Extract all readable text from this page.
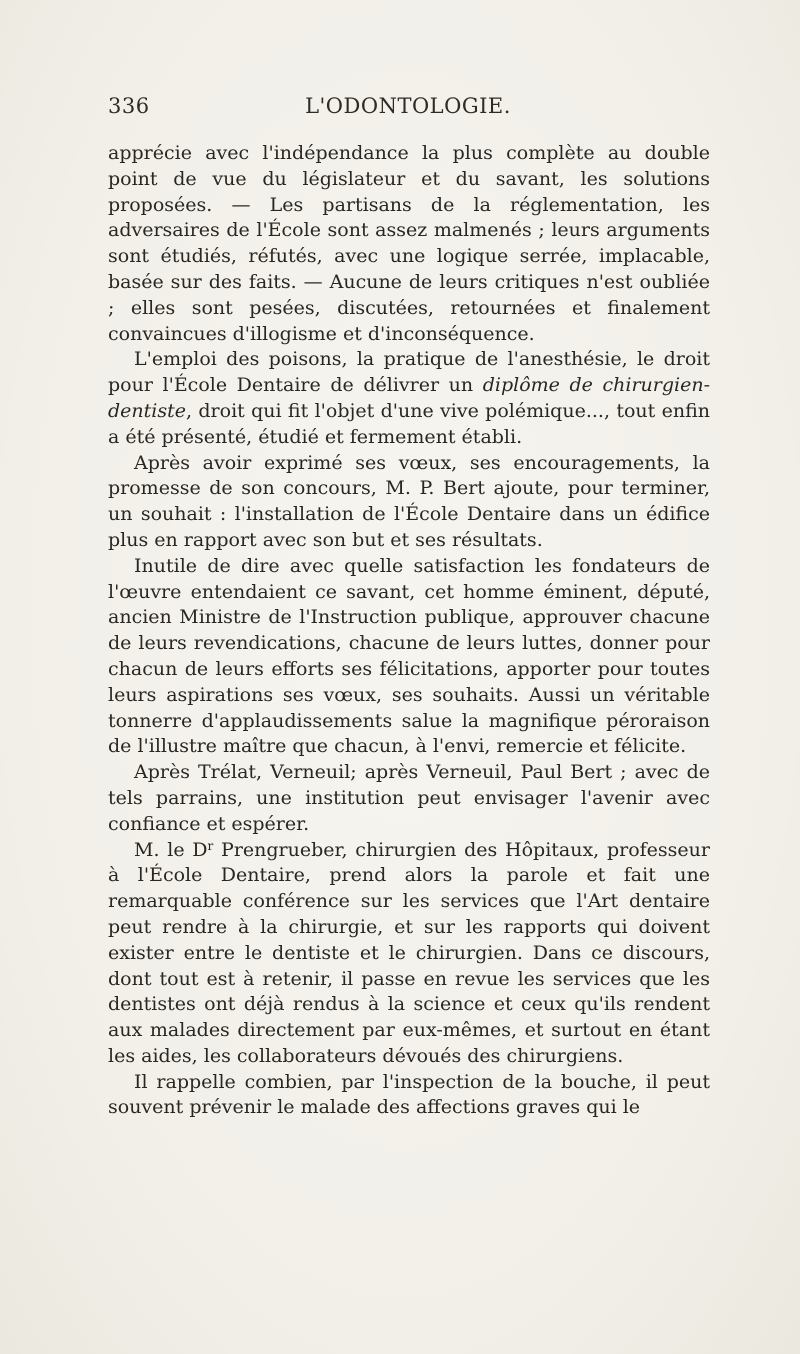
336	L'ODONTOLOGIE.

apprécie avec l'indépendance la plus complète au double point de vue du législateur et du savant, les solutions proposées. — Les partisans de la réglementation, les adversaires de l'École sont assez malmenés ; leurs arguments sont étudiés, réfutés, avec une logique serrée, implacable, basée sur des faits. — Aucune de leurs critiques n'est oubliée ; elles sont pesées, discutées, retournées et finalement convaincues d'illogisme et d'inconséquence.

L'emploi des poisons, la pratique de l'anesthésie, le droit pour l'École Dentaire de délivrer un diplôme de chirurgien-dentiste, droit qui fit l'objet d'une vive polémique..., tout enfin a été présenté, étudié et fermement établi.

Après avoir exprimé ses vœux, ses encouragements, la promesse de son concours, M. P. Bert ajoute, pour terminer, un souhait : l'installation de l'École Dentaire dans un édifice plus en rapport avec son but et ses résultats.

Inutile de dire avec quelle satisfaction les fondateurs de l'œuvre entendaient ce savant, cet homme éminent, député, ancien Ministre de l'Instruction publique, approuver chacune de leurs revendications, chacune de leurs luttes, donner pour chacun de leurs efforts ses félicitations, apporter pour toutes leurs aspirations ses vœux, ses souhaits. Aussi un véritable tonnerre d'applaudissements salue la magnifique péroraison de l'illustre maître que chacun, à l'envi, remercie et félicite.

Après Trélat, Verneuil; après Verneuil, Paul Bert ; avec de tels parrains, une institution peut envisager l'avenir avec confiance et espérer.

M. le $D^r$ Prengrueber, chirurgien des Hôpitaux, professeur à l'École Dentaire, prend alors la parole et fait une remarquable conférence sur les services que l'Art dentaire peut rendre à la chirurgie, et sur les rapports qui doivent exister entre le dentiste et le chirurgien. Dans ce discours, dont tout est à retenir, il passe en revue les services que les dentistes ont déjà rendus à la science et ceux qu'ils rendent aux malades directement par eux-mêmes, et surtout en étant les aides, les collaborateurs dévoués des chirurgiens.

Il rappelle combien, par l'inspection de la bouche, il peut souvent prévenir le malade des affections graves qui le
